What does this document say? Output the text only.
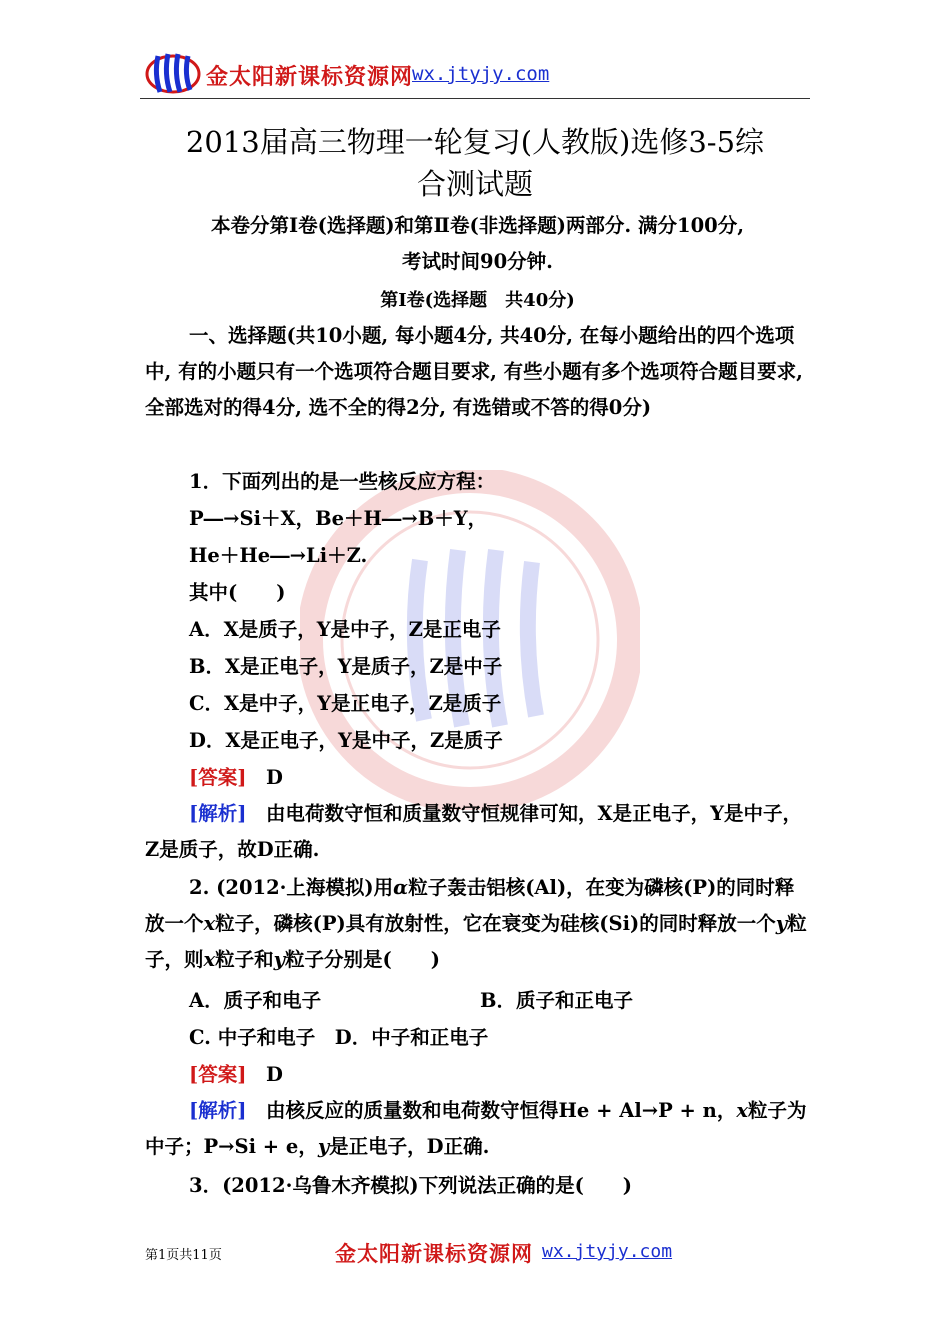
金太阳新课标资源网
wx.jtyjy.com
2013届高三物理一轮复习(人教版)选修3-5综
合测试题
本卷分第Ⅰ卷(选择题)和第Ⅱ卷(非选择题)两部分. 满分100分,
考试时间90分钟.
第Ⅰ卷(选择题　共40分)
一、选择题(共10小题, 每小题4分, 共40分, 在每小题给出的四个选项中, 有的小题只有一个选项符合题目要求, 有些小题有多个选项符合题目要求, 全部选对的得4分, 选不全的得2分, 有选错或不答的得0分)
1．下面列出的是一些核反应方程：
P―→Si＋X，Be＋H―→B＋Y，
He＋He―→Li＋Z.
其中(　　)
A．X是质子，Y是中子，Z是正电子
B．X是正电子，Y是质子，Z是中子
C．X是中子，Y是正电子，Z是质子
D．X是正电子，Y是中子，Z是质子
[答案]　 D
[解析]　 由电荷数守恒和质量数守恒规律可知，X是正电子，Y是中子，Z是质子，故D正确.
2. (2012·上海模拟)用α粒子轰击铝核(Al)，在变为磷核(P)的同时释放一个x粒子，磷核(P)具有放射性，它在衰变为硅核(Si)的同时释放一个y粒子，则x粒子和y粒子分别是(　　)
A．质子和电子	B．质子和正电子
C. 中子和电子　 D．中子和正电子
[答案]　 D
[解析]　 由核反应的质量数和电荷数守恒得He + Al→P + n，x粒子为中子；P→Si + e，y是正电子，D正确.
3．(2012·乌鲁木齐模拟)下列说法正确的是(　　)
第1页共11页	金太阳新课标资源网 wx.jtyjy.com
